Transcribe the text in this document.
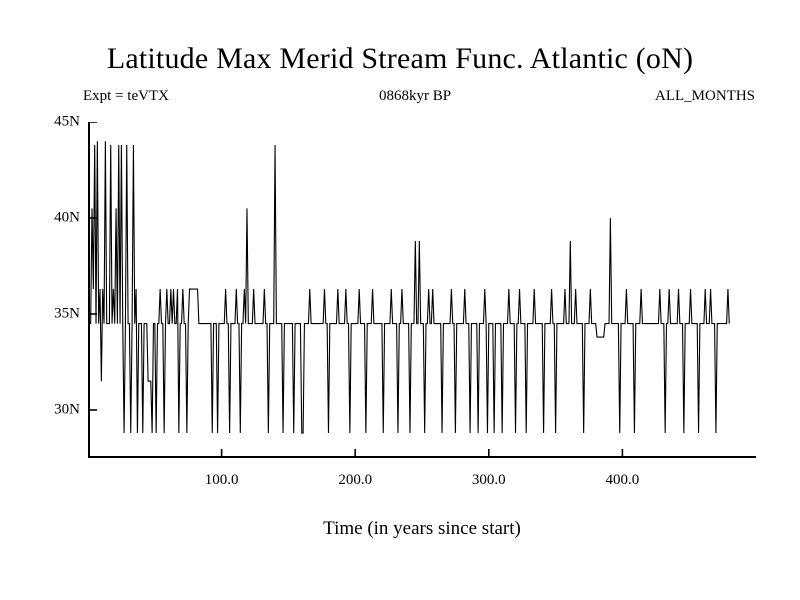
Latitude Max Merid Stream Func. Atlantic (oN)
Expt = teVTX	0868kyr BP	ALL_MONTHS
30N
35N
40N
45N
100.0	200.0	300.0	400.0
Time (in years since start)
